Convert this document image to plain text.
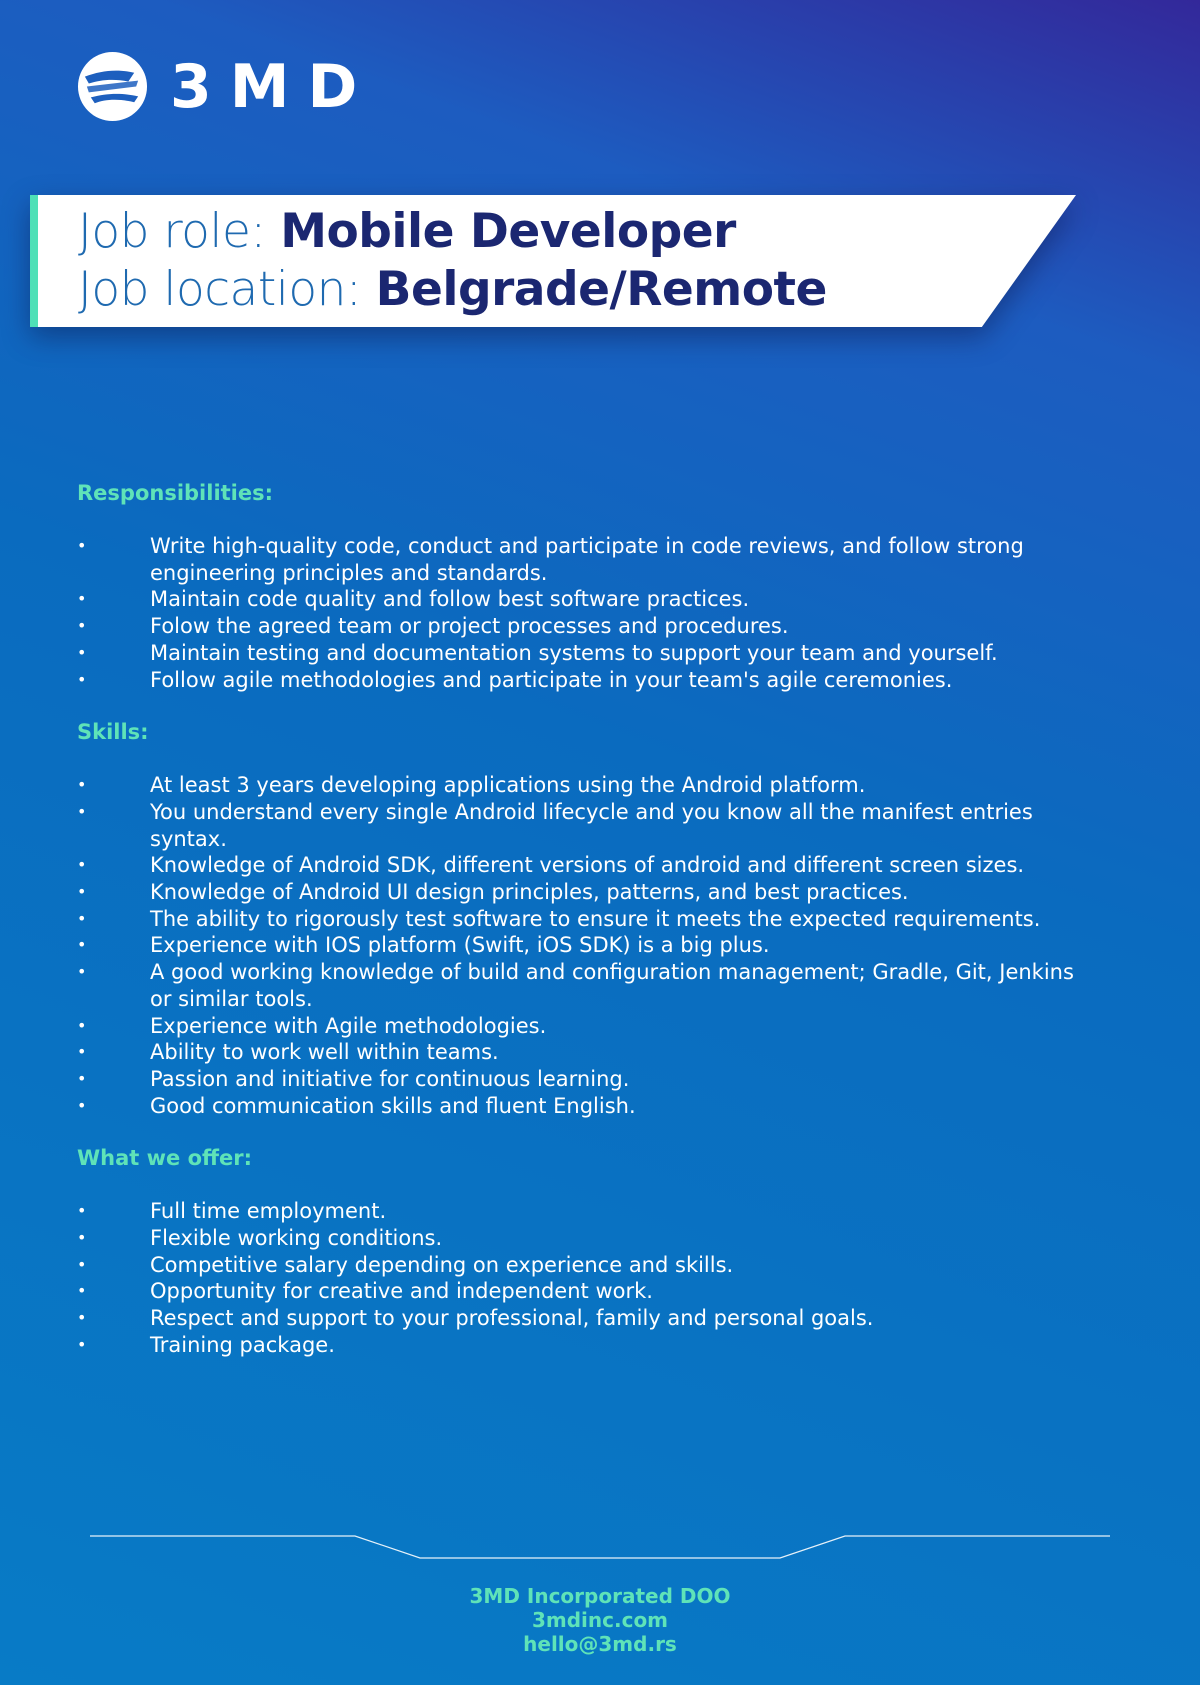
3MD
Job role: Mobile Developer
Job location: Belgrade/Remote
Responsibilities:
• Write high-quality code, conduct and participate in code reviews, and follow strong engineering principles and standards.
• Maintain code quality and follow best software practices.
• Folow the agreed team or project processes and procedures.
• Maintain testing and documentation systems to support your team and yourself.
• Follow agile methodologies and participate in your team's agile ceremonies.
Skills:
• At least 3 years developing applications using the Android platform.
• You understand every single Android lifecycle and you know all the manifest entries syntax.
• Knowledge of Android SDK, different versions of android and different screen sizes.
• Knowledge of Android UI design principles, patterns, and best practices.
• The ability to rigorously test software to ensure it meets the expected requirements.
• Experience with IOS platform (Swift, iOS SDK) is a big plus.
• A good working knowledge of build and configuration management; Gradle, Git, Jenkins or similar tools.
• Experience with Agile methodologies.
• Ability to work well within teams.
• Passion and initiative for continuous learning.
• Good communication skills and fluent English.
What we offer:
• Full time employment.
• Flexible working conditions.
• Competitive salary depending on experience and skills.
• Opportunity for creative and independent work.
• Respect and support to your professional, family and personal goals.
• Training package.
3MD Incorporated DOO
3mdinc.com
hello@3md.rs
